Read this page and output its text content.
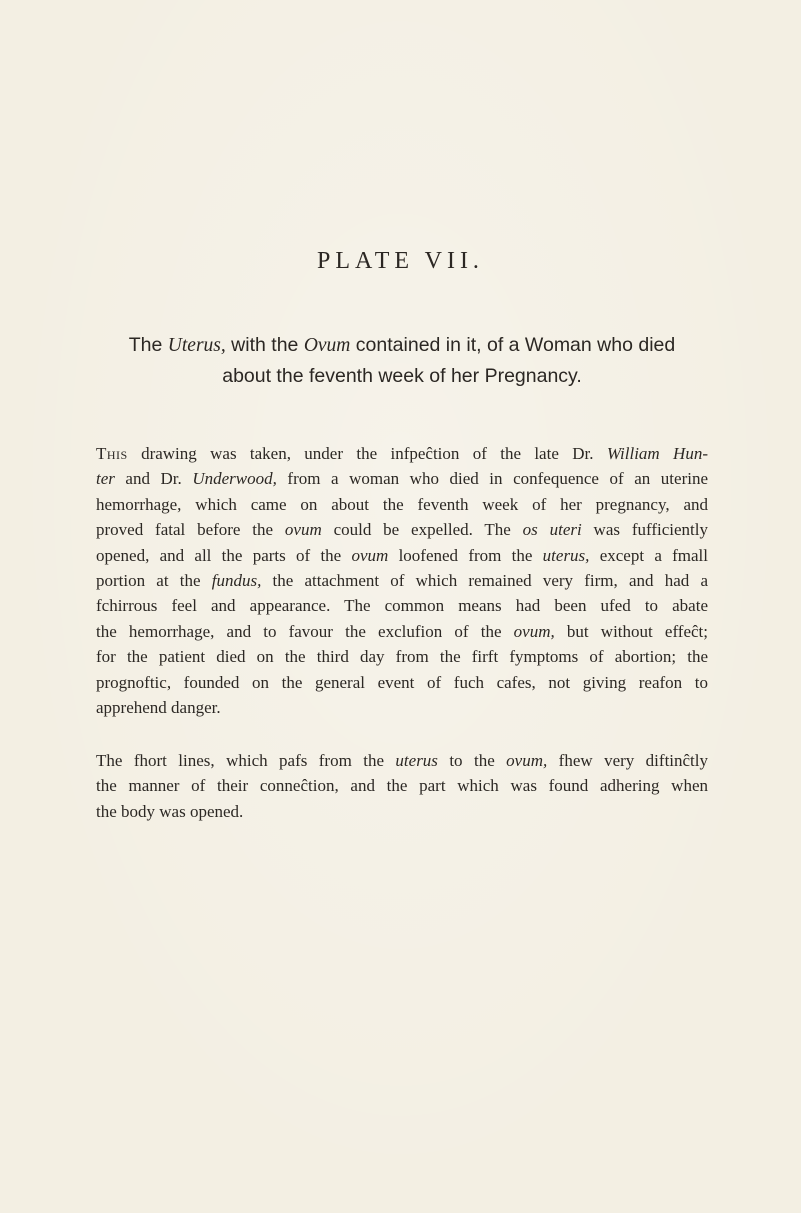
PLATE VII.
The Uterus, with the Ovum contained in it, of a Woman who died
about the feventh week of her Pregnancy.
This drawing was taken, under the infpeĉtion of the late Dr. William Hun-
ter and Dr. Underwood, from a woman who died in confequence of an uterine
hemorrhage, which came on about the feventh week of her pregnancy, and
proved fatal before the ovum could be expelled. The os uteri was fufficiently
opened, and all the parts of the ovum loofened from the uterus, except a fmall
portion at the fundus, the attachment of which remained very firm, and had a
fchirrous feel and appearance. The common means had been ufed to abate
the hemorrhage, and to favour the exclufion of the ovum, but without effeĉt;
for the patient died on the third day from the firft fymptoms of abortion; the
prognoftic, founded on the general event of fuch cafes, not giving reafon to
apprehend danger.
The fhort lines, which pafs from the uterus to the ovum, fhew very diftinĉtly
the manner of their conneĉtion, and the part which was found adhering when
the body was opened.
